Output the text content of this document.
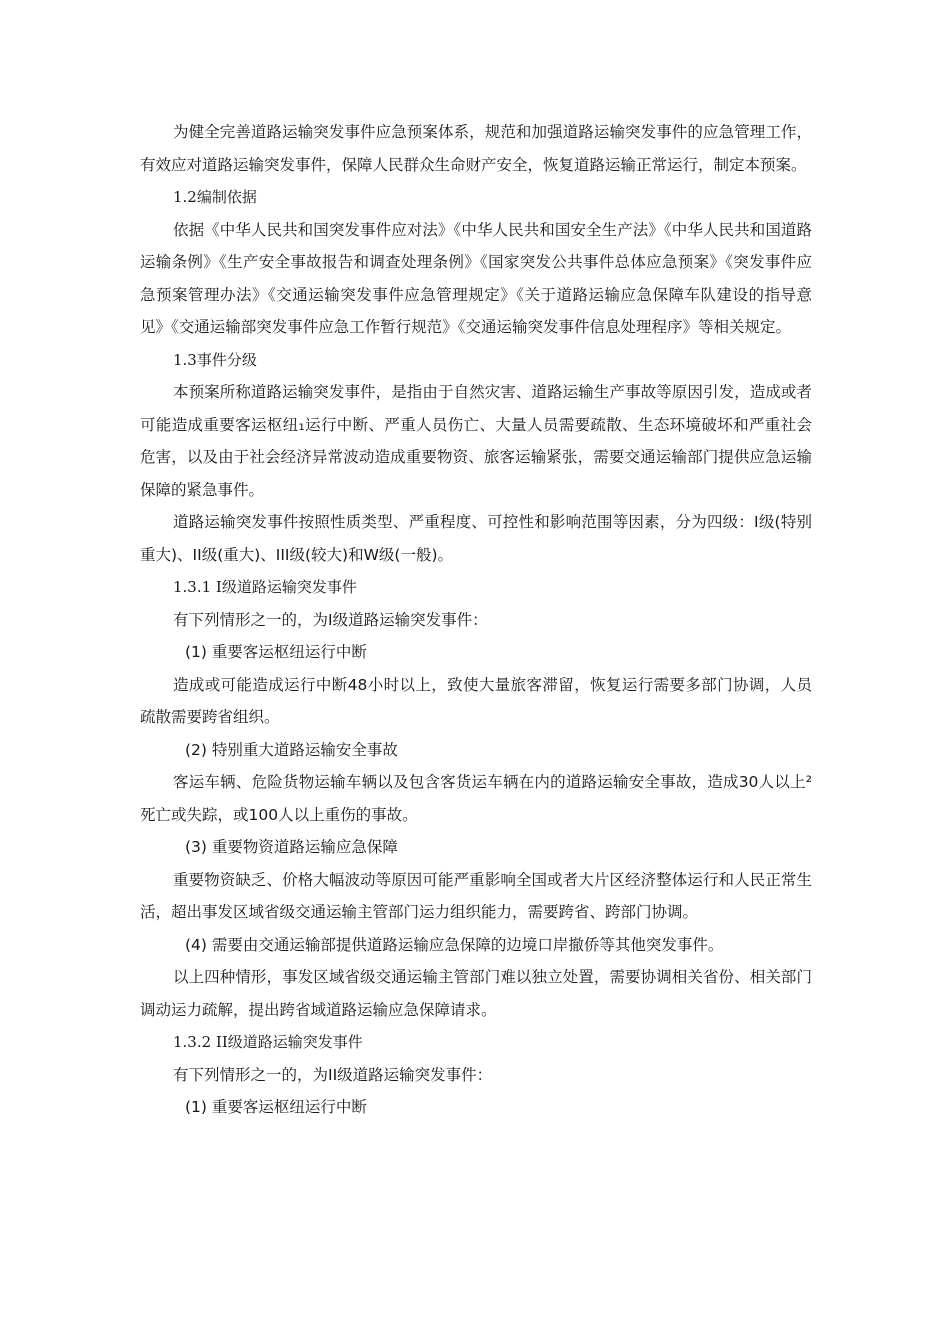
为健全完善道路运输突发事件应急预案体系，规范和加强道路运输突发事件的应急管理工作，有效应对道路运输突发事件，保障人民群众生命财产安全，恢复道路运输正常运行，制定本预案。

1.2编制依据

依据《中华人民共和国突发事件应对法》《中华人民共和国安全生产法》《中华人民共和国道路运输条例》《生产安全事故报告和调查处理条例》《国家突发公共事件总体应急预案》《突发事件应急预案管理办法》《交通运输突发事件应急管理规定》《关于道路运输应急保障车队建设的指导意见》《交通运输部突发事件应急工作暂行规范》《交通运输突发事件信息处理程序》等相关规定。

1.3事件分级

本预案所称道路运输突发事件，是指由于自然灾害、道路运输生产事故等原因引发，造成或者可能造成重要客运枢纽₁运行中断、严重人员伤亡、大量人员需要疏散、生态环境破坏和严重社会危害，以及由于社会经济异常波动造成重要物资、旅客运输紧张，需要交通运输部门提供应急运输保障的紧急事件。

道路运输突发事件按照性质类型、严重程度、可控性和影响范围等因素，分为四级：I级(特别重大)、II级(重大)、III级(较大)和W级(一般)。

1.3.1 I级道路运输突发事件

有下列情形之一的，为I级道路运输突发事件：

(1) 重要客运枢纽运行中断

造成或可能造成运行中断48小时以上，致使大量旅客滞留，恢复运行需要多部门协调，人员疏散需要跨省组织。

(2) 特别重大道路运输安全事故

客运车辆、危险货物运输车辆以及包含客货运车辆在内的道路运输安全事故，造成30人以上²死亡或失踪，或100人以上重伤的事故。

(3) 重要物资道路运输应急保障

重要物资缺乏、价格大幅波动等原因可能严重影响全国或者大片区经济整体运行和人民正常生活，超出事发区域省级交通运输主管部门运力组织能力，需要跨省、跨部门协调。

(4) 需要由交通运输部提供道路运输应急保障的边境口岸撤侨等其他突发事件。

以上四种情形，事发区域省级交通运输主管部门难以独立处置，需要协调相关省份、相关部门调动运力疏解，提出跨省域道路运输应急保障请求。

1.3.2 II级道路运输突发事件

有下列情形之一的，为II级道路运输突发事件：

(1) 重要客运枢纽运行中断
